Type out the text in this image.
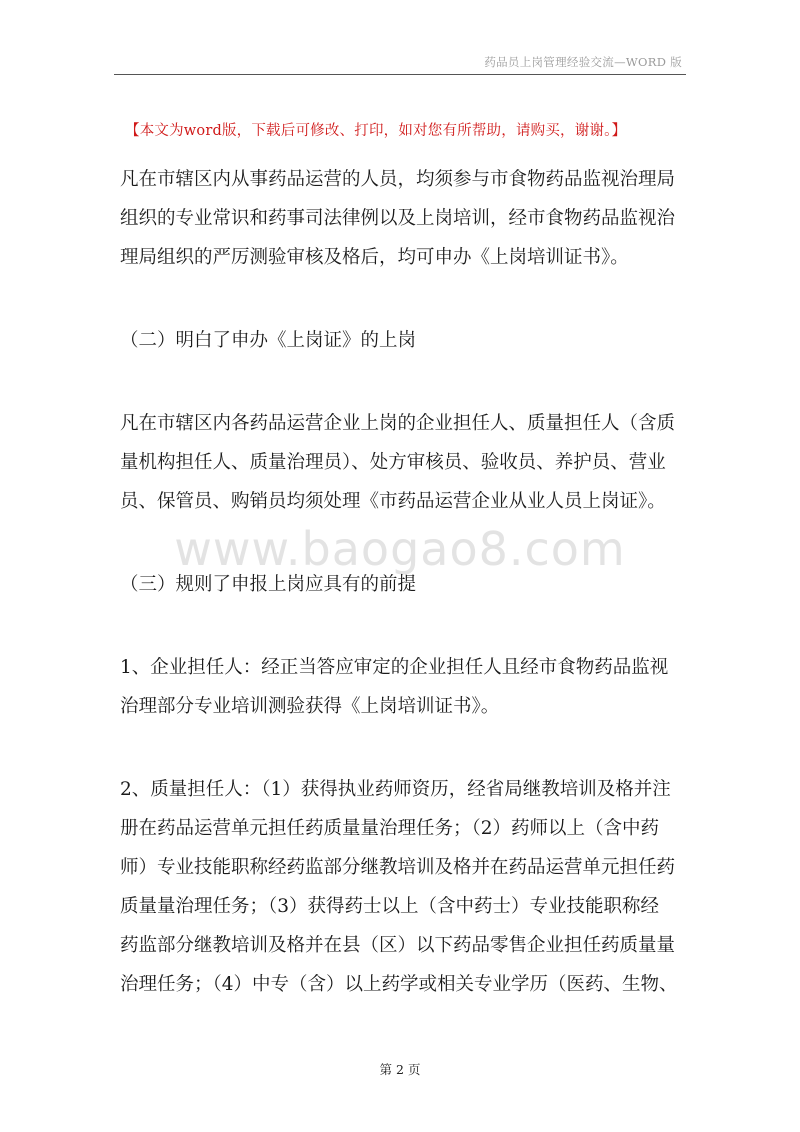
药品员上岗管理经验交流—WORD 版
【本文为word版，下载后可修改、打印，如对您有所帮助，请购买，谢谢。】
www.baogao8.com

凡在市辖区内从事药品运营的人员，均须参与市食物药品监视治理局
组织的专业常识和药事司法律例以及上岗培训，经市食物药品监视治
理局组织的严厉测验审核及格后，均可申办《上岗培训证书》。

（二）明白了申办《上岗证》的上岗

凡在市辖区内各药品运营企业上岗的企业担任人、质量担任人（含质
量机构担任人、质量治理员）、处方审核员、验收员、养护员、营业
员、保管员、购销员均须处理《市药品运营企业从业人员上岗证》。

（三）规则了申报上岗应具有的前提

1、企业担任人：经正当答应审定的企业担任人且经市食物药品监视
治理部分专业培训测验获得《上岗培训证书》。

2、质量担任人：（1）获得执业药师资历，经省局继教培训及格并注
册在药品运营单元担任药质量量治理任务；（2）药师以上（含中药
师）专业技能职称经药监部分继教培训及格并在药品运营单元担任药
质量量治理任务；（3）获得药士以上（含中药士）专业技能职称经
药监部分继教培训及格并在县（区）以下药品零售企业担任药质量量
治理任务；（4）中专（含）以上药学或相关专业学历（医药、生物、

第 2 页
